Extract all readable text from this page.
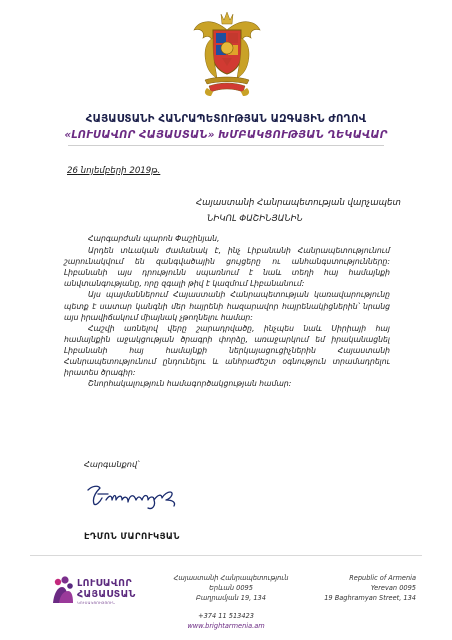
ՀԱՅԱՍՏԱՆԻ ՀԱՆՐԱՊԵՏՈՒԹՅԱՆ ԱԶԳԱՅԻՆ ԺՈՂՈՎ
«ԼՈՒՍԱՎՈՐ ՀԱՅԱՍՏԱՆ» ԽՄԲԱԿՑՈՒԹՅԱՆ ՂԵԿԱՎԱՐ
26 նոյեմբերի 2019թ.
Հայաստանի Հանրապետության վարչապետ
ՆԻԿՈԼ ՓԱՇԻՆՅԱՆԻՆ

Հարգարժան պարոն Փաշինյան,

Արդեն տևական ժամանակ է, ինչ Լիբանանի Հանրապետությունում շարունակվում են զանգվածային ցույցերը ու անհանգստությունները: Լիբանանի այս դրությունն սպառնում է նաև տեղի հայ համայնքի անվտանգությանը, որը զգալի թիվ է կազմում Լիբանանում:

Այս պայմաններում Հայաստանի Հանրապետության կառավարությունը պետք է սատար կանգնի մեր հայրենի հազարավոր հայրենակիցներին՝ նրանց այս իրավիճակում միայնակ չթողնելու համար:

Հաշվի առնելով վերը շարադրվածը, ինչպես նաև Սիրիայի հայ համայնքին աջակցության ծրագրի փորձը, առաջարկում եմ իրականացնել Լիբանանի հայ համայնքի ներկայացուցիչներին Հայաստանի Հանրապետությունում ընդունելու և անհրաժեշտ օգնություն տրամադրելու իրատես ծրագիր:

Շնորհակալություն համագործակցության համար:

Հարգանքով՝
ԷԴՄՈՆ ՄԱՐՈՒԿՅԱՆ
ԼՈՒՍԱՎՈՐ
ՀԱՅԱՍՏԱՆ
ԿՈՒՍԱԿՑՈՒԹՅՈՒՆ
Հայաստանի Հանրապետություն
Երևան 0095
Բաղրամյան 19, 134
Republic of Armenia
Yerevan 0095
19 Baghramyan Street, 134
+374 11 513423
www.brightarmenia.am
